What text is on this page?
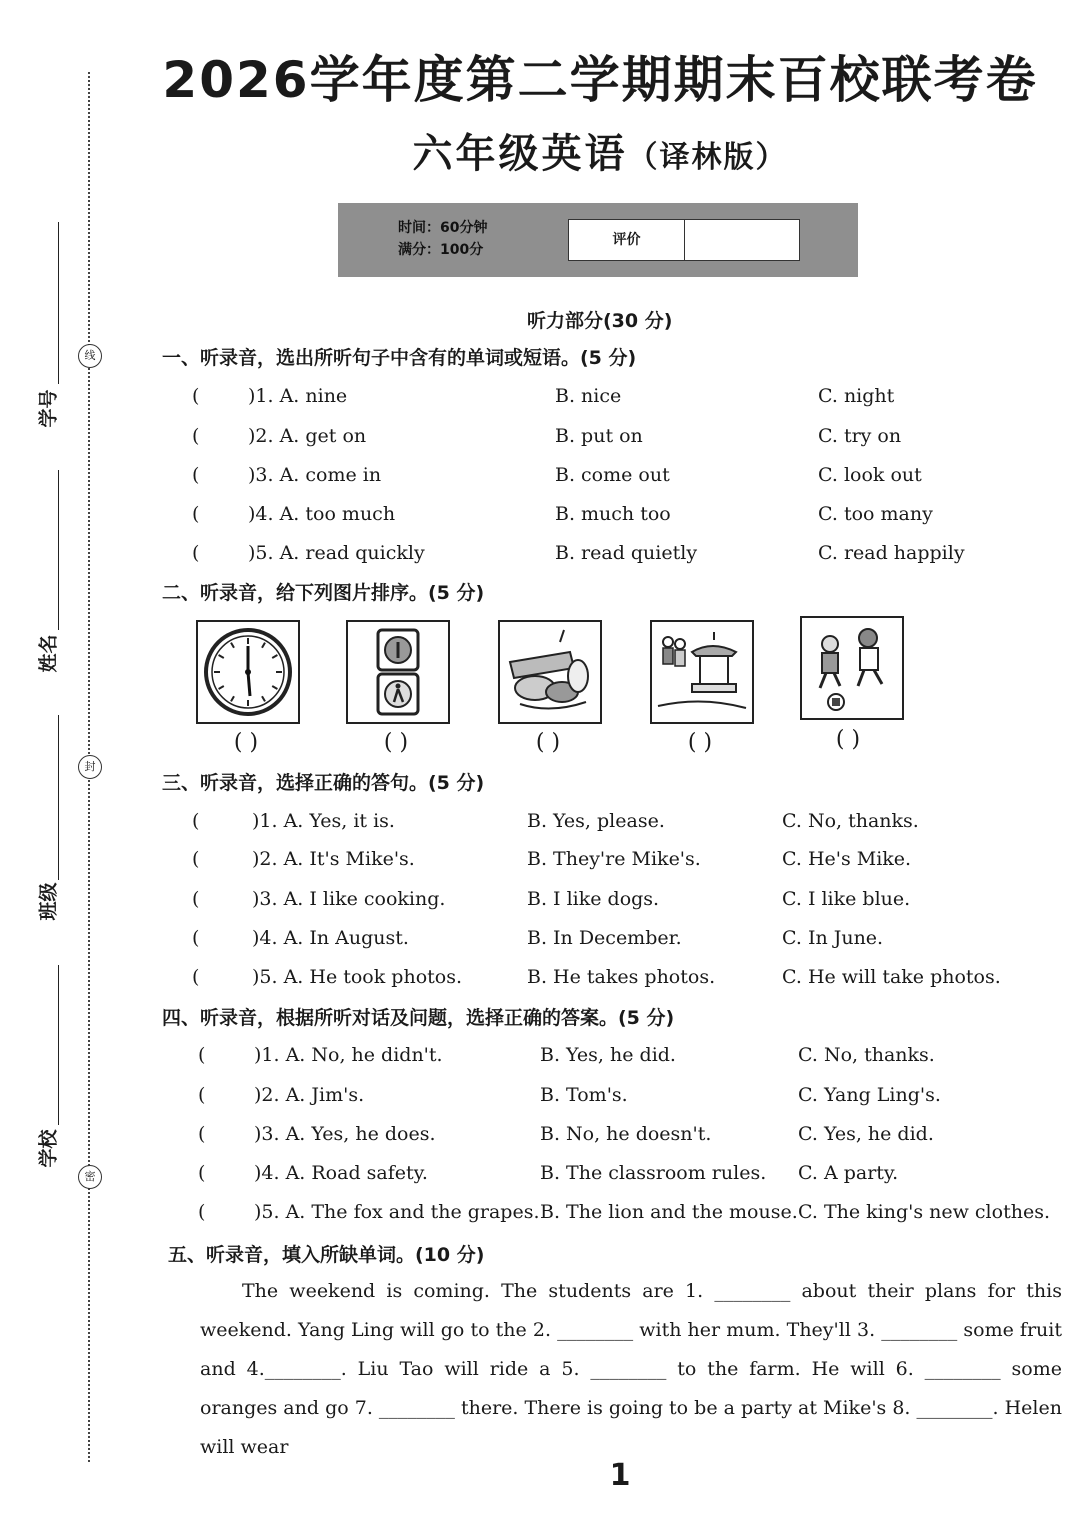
线
封
密
学号
姓名
班级
学校
2026学年度第二学期期末百校联考卷
六年级英语（译林版）
时间：60分钟
满分：100分
评价
听力部分(30 分)
一、听录音，选出所听句子中含有的单词或短语。(5 分)
(	)1. A. nine	B. nice	C. night
(	)2. A. get on	B. put on	C. try on
(	)3. A. come in	B. come out	C. look out
(	)4. A. too much	B. much too	C. too many
(	)5. A. read quickly	B. read quietly	C. read happily
二、听录音，给下列图片排序。(5 分)
( )	( )	( )	( )	( )
三、听录音，选择正确的答句。(5 分)
(	)1. A. Yes, it is.	B. Yes, please.	C. No, thanks.
(	)2. A. It's Mike's.	B. They're Mike's.	C. He's Mike.
(	)3. A. I like cooking.	B. I like dogs.	C. I like blue.
(	)4. A. In August.	B. In December.	C. In June.
(	)5. A. He took photos.	B. He takes photos.	C. He will take photos.
四、听录音，根据所听对话及问题，选择正确的答案。(5 分)
(	)1. A. No, he didn't.	B. Yes, he did.	C. No, thanks.
(	)2. A. Jim's.	B. Tom's.	C. Yang Ling's.
(	)3. A. Yes, he does.	B. No, he doesn't.	C. Yes, he did.
(	)4. A. Road safety.	B. The classroom rules. C. A party.
(	)5. A. The fox and the grapes. B. The lion and the mouse. C. The king's new clothes.
五、听录音，填入所缺单词。(10 分)

The weekend is coming. The students are 1. ________ about their plans for this weekend. Yang Ling will go to the 2. ________ with her mum. They'll 3. ________ some fruit and 4.________. Liu Tao will ride a 5. ________ to the farm. He will 6. ________ some oranges and go 7. ________ there. There is going to be a party at Mike's 8. ________. Helen will wear

1
